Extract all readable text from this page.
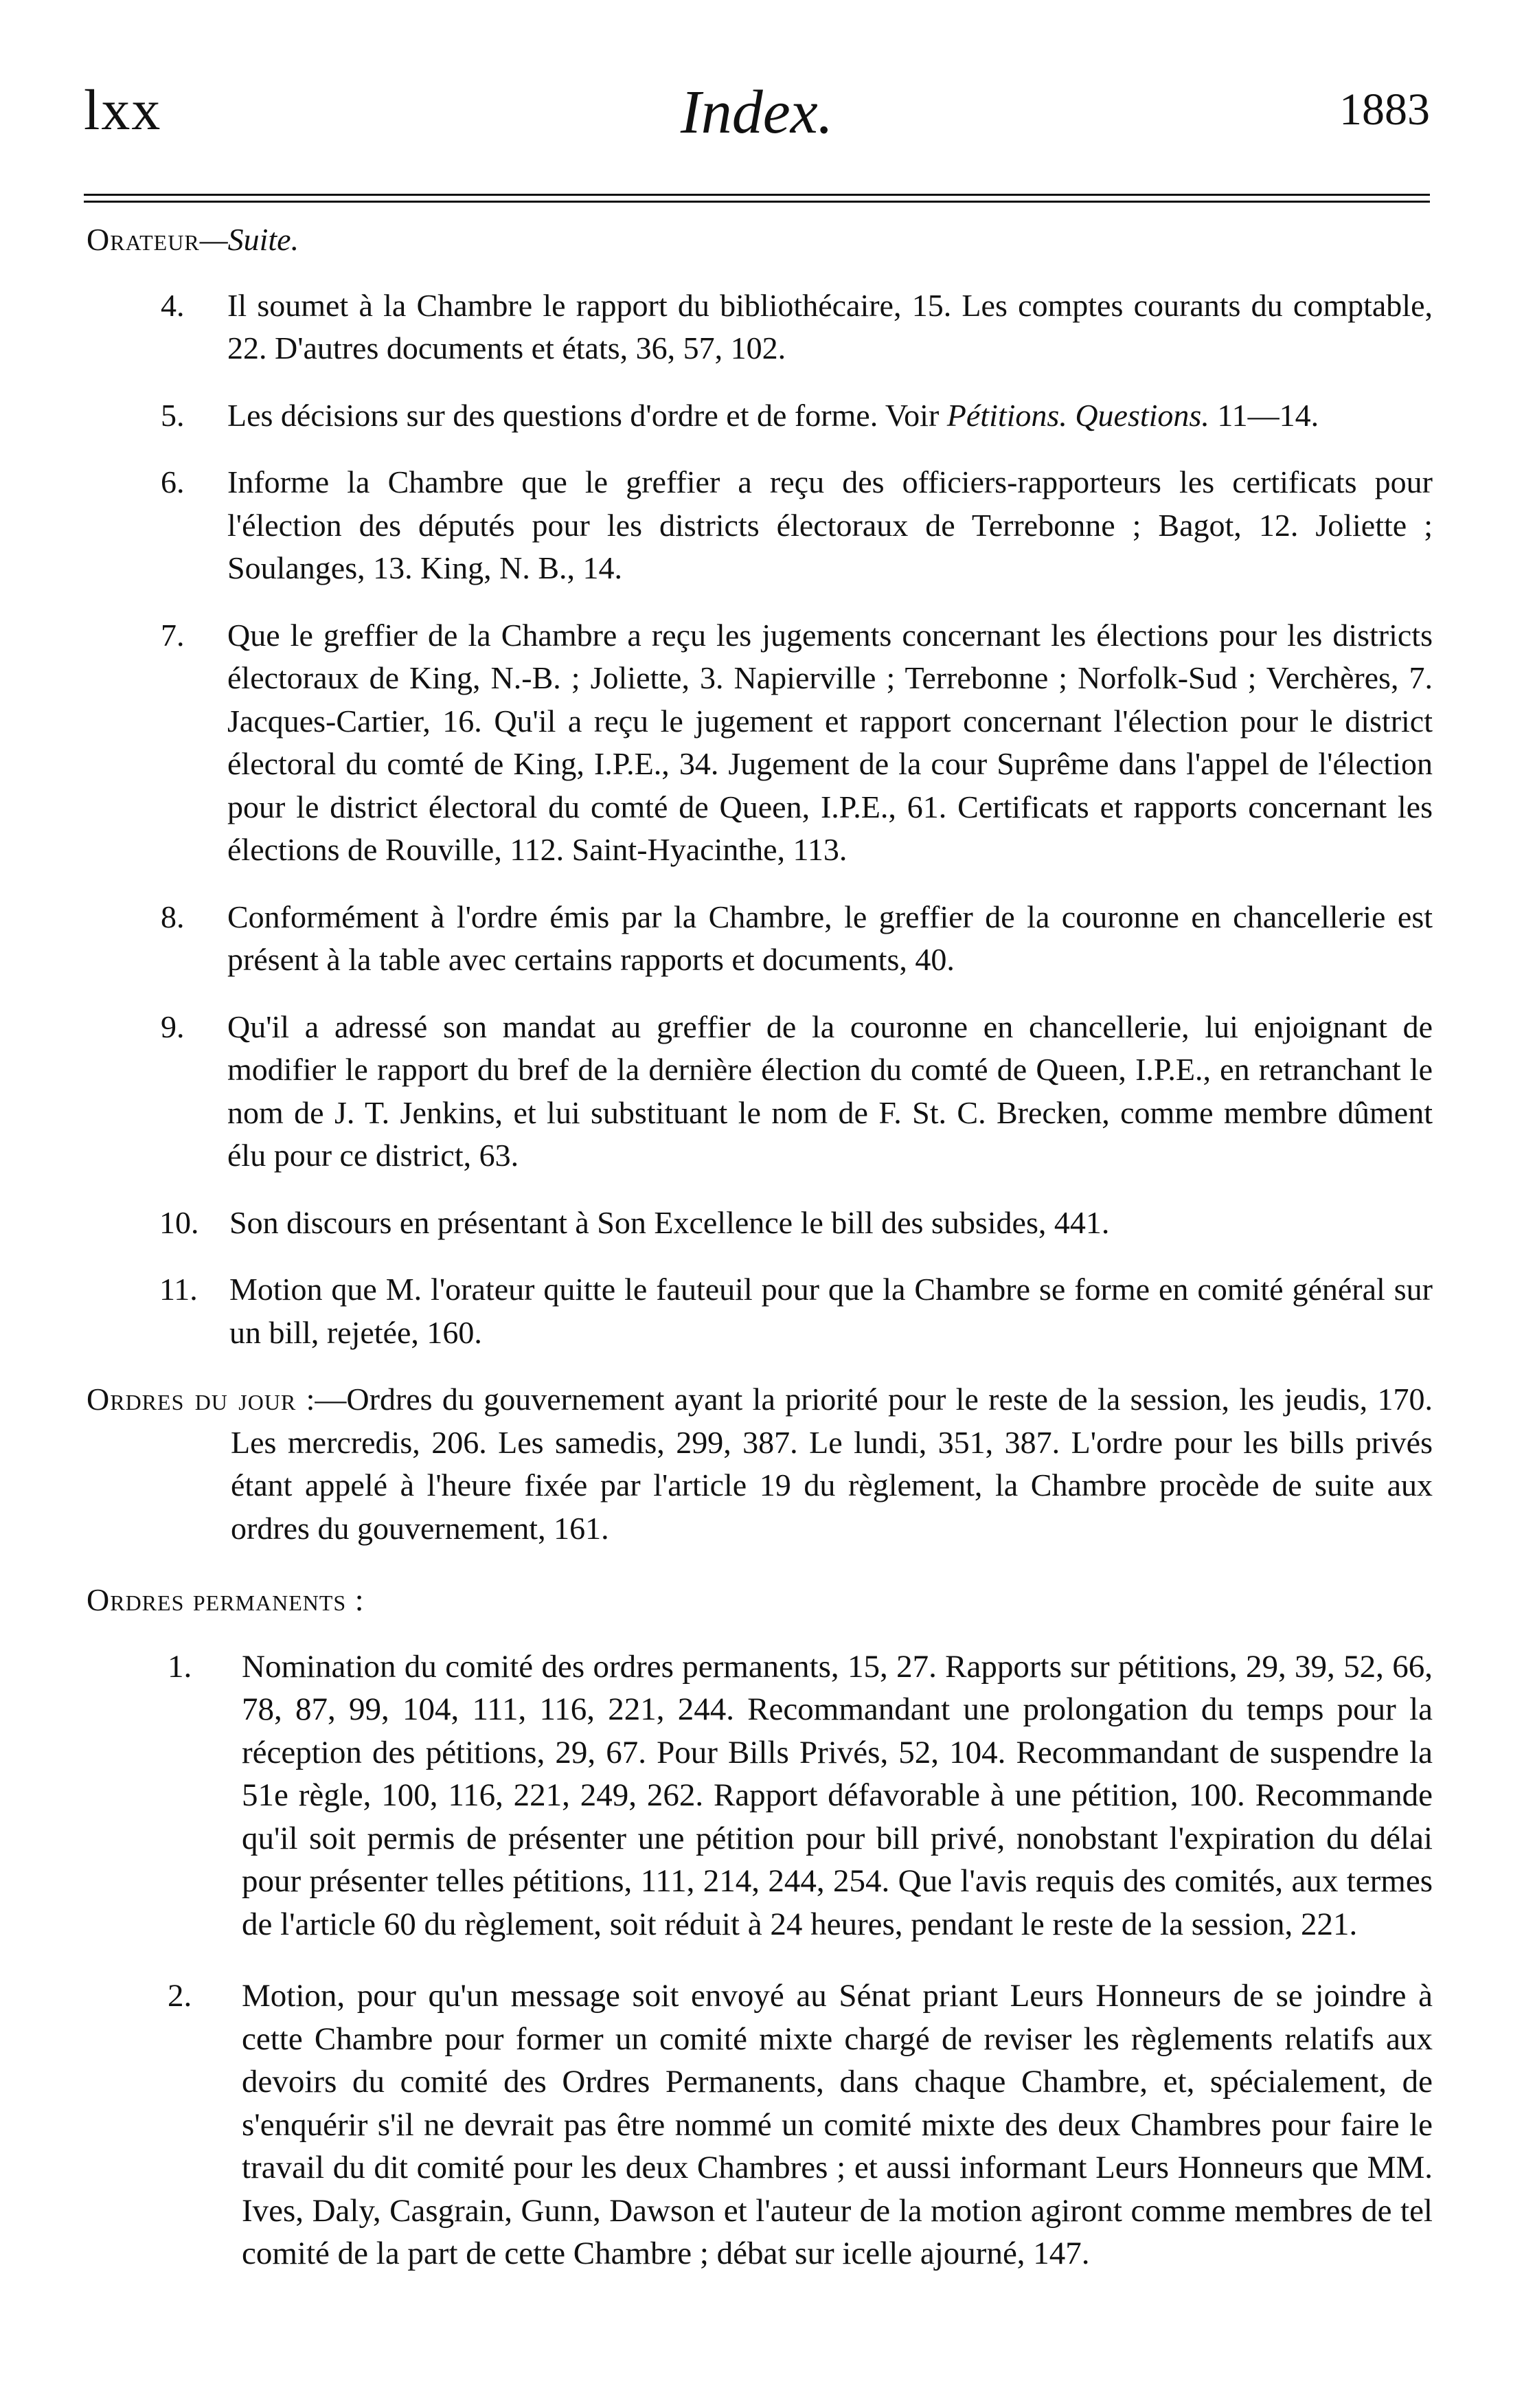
lxx	Index.	1883
Orateur—Suite.
4. Il soumet à la Chambre le rapport du bibliothécaire, 15. Les comptes courants du comptable, 22. D'autres documents et états, 36, 57, 102.
5. Les décisions sur des questions d'ordre et de forme. Voir Pétitions. Questions. 11—14.
6. Informe la Chambre que le greffier a reçu des officiers-rapporteurs les certificats pour l'élection des députés pour les districts électoraux de Terrebonne ; Bagot, 12. Joliette ; Soulanges, 13. King, N. B., 14.
7. Que le greffier de la Chambre a reçu les jugements concernant les élections pour les districts électoraux de King, N.-B. ; Joliette, 3. Napierville ; Terrebonne ; Norfolk-Sud ; Verchères, 7. Jacques-Cartier, 16. Qu'il a reçu le jugement et rapport concernant l'élection pour le district électoral du comté de King, I.P.E., 34. Jugement de la cour Suprême dans l'appel de l'élection pour le district électoral du comté de Queen, I.P.E., 61. Certificats et rapports concernant les élections de Rouville, 112. Saint-Hyacinthe, 113.
8. Conformément à l'ordre émis par la Chambre, le greffier de la couronne en chancellerie est présent à la table avec certains rapports et documents, 40.
9. Qu'il a adressé son mandat au greffier de la couronne en chancellerie, lui enjoignant de modifier le rapport du bref de la dernière élection du comté de Queen, I.P.E., en retranchant le nom de J. T. Jenkins, et lui substituant le nom de F. St. C. Brecken, comme membre dûment élu pour ce district, 63.
10. Son discours en présentant à Son Excellence le bill des subsides, 441.
11. Motion que M. l'orateur quitte le fauteuil pour que la Chambre se forme en comité général sur un bill, rejetée, 160.
Ordres du jour :—Ordres du gouvernement ayant la priorité pour le reste de la session, les jeudis, 170. Les mercredis, 206. Les samedis, 299, 387. Le lundi, 351, 387. L'ordre pour les bills privés étant appelé à l'heure fixée par l'article 19 du règlement, la Chambre procède de suite aux ordres du gouvernement, 161.
Ordres permanents :
1. Nomination du comité des ordres permanents, 15, 27. Rapports sur pétitions, 29, 39, 52, 66, 78, 87, 99, 104, 111, 116, 221, 244. Recommandant une prolongation du temps pour la réception des pétitions, 29, 67. Pour Bills Privés, 52, 104. Recommandant de suspendre la 51e règle, 100, 116, 221, 249, 262. Rapport défavorable à une pétition, 100. Recommande qu'il soit permis de présenter une pétition pour bill privé, nonobstant l'expiration du délai pour présenter telles pétitions, 111, 214, 244, 254. Que l'avis requis des comités, aux termes de l'article 60 du règlement, soit réduit à 24 heures, pendant le reste de la session, 221.
2. Motion, pour qu'un message soit envoyé au Sénat priant Leurs Honneurs de se joindre à cette Chambre pour former un comité mixte chargé de reviser les règlements relatifs aux devoirs du comité des Ordres Permanents, dans chaque Chambre, et, spécialement, de s'enquérir s'il ne devrait pas être nommé un comité mixte des deux Chambres pour faire le travail du dit comité pour les deux Chambres ; et aussi informant Leurs Honneurs que MM. Ives, Daly, Casgrain, Gunn, Dawson et l'auteur de la motion agiront comme membres de tel comité de la part de cette Chambre ; débat sur icelle ajourné, 147.
